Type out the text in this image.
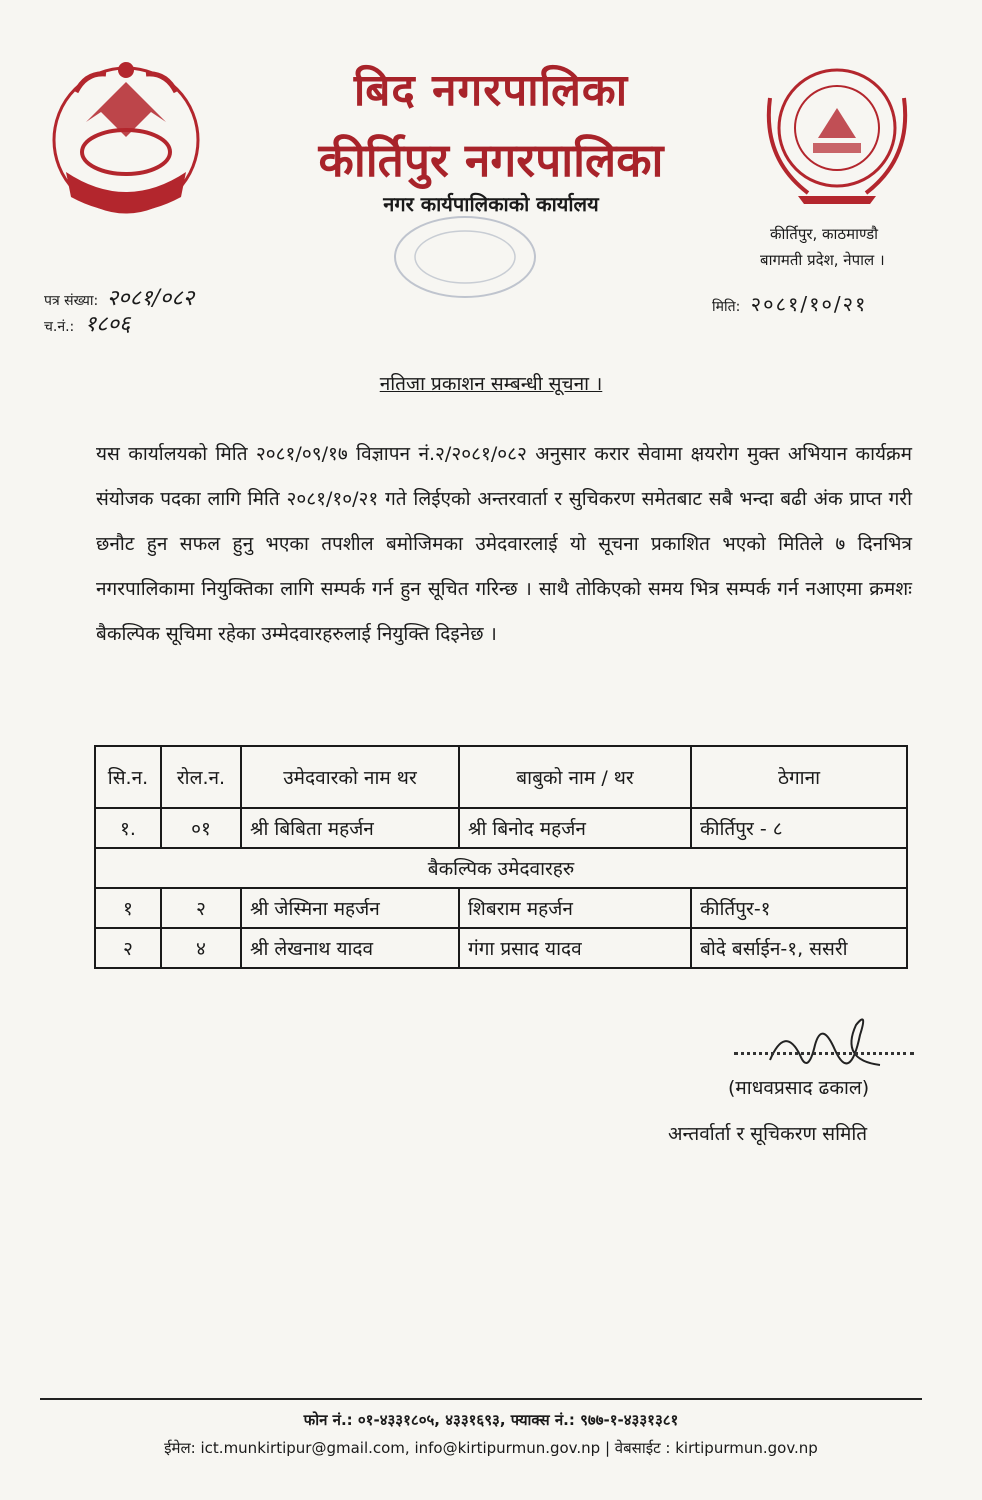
बिद नगरपालिका
कीर्तिपुर नगरपालिका
नगर कार्यपालिकाको कार्यालय
कीर्तिपुर, काठमाण्डौ
बागमती प्रदेश, नेपाल ।
पत्र संख्या: २०८१/०८२
च.नं.: १८०६
मिति: २०८१/१०/२१
नतिजा प्रकाशन सम्बन्धी सूचना ।
यस कार्यालयको मिति २०८१/०९/१७ विज्ञापन नं.२/२०८१/०८२ अनुसार करार सेवामा क्षयरोग मुक्त अभियान कार्यक्रम संयोजक पदका लागि मिति २०८१/१०/२१ गते लिईएको अन्तरवार्ता र सुचिकरण समेतबाट सबै भन्दा बढी अंक प्राप्त गरी छनौट हुन सफल हुनु भएका तपशील बमोजिमका उमेदवारलाई यो सूचना प्रकाशित भएको मितिले ७ दिनभित्र नगरपालिकामा नियुक्तिका लागि सम्पर्क गर्न हुन सूचित गरिन्छ । साथै तोकिएको समय भित्र सम्पर्क गर्न नआएमा क्रमशः बैकल्पिक सूचिमा रहेका उम्मेदवारहरुलाई नियुक्ति दिइनेछ ।
सि.न.	रोल.न.	उमेदवारको नाम थर	बाबुको नाम / थर	ठेगाना
१.	०१	श्री बिबिता महर्जन	श्री बिनोद महर्जन	कीर्तिपुर - ८
बैकल्पिक उमेदवारहरु				
१	२	श्री जेस्मिना महर्जन	शिबराम महर्जन	कीर्तिपुर-१
२	४	श्री लेखनाथ यादव	गंगा प्रसाद यादव	बोदे बर्साईन-१, ससरी
(माधवप्रसाद ढकाल)
अन्तर्वार्ता र सूचिकरण समिति
फोन नं.: ०१-४३३१८०५, ४३३१६९३, फ्याक्स नं.: ९७७-१-४३३१३८१
ईमेल: ict.munkirtipur@gmail.com, info@kirtipurmun.gov.np | वेबसाईट : kirtipurmun.gov.np
